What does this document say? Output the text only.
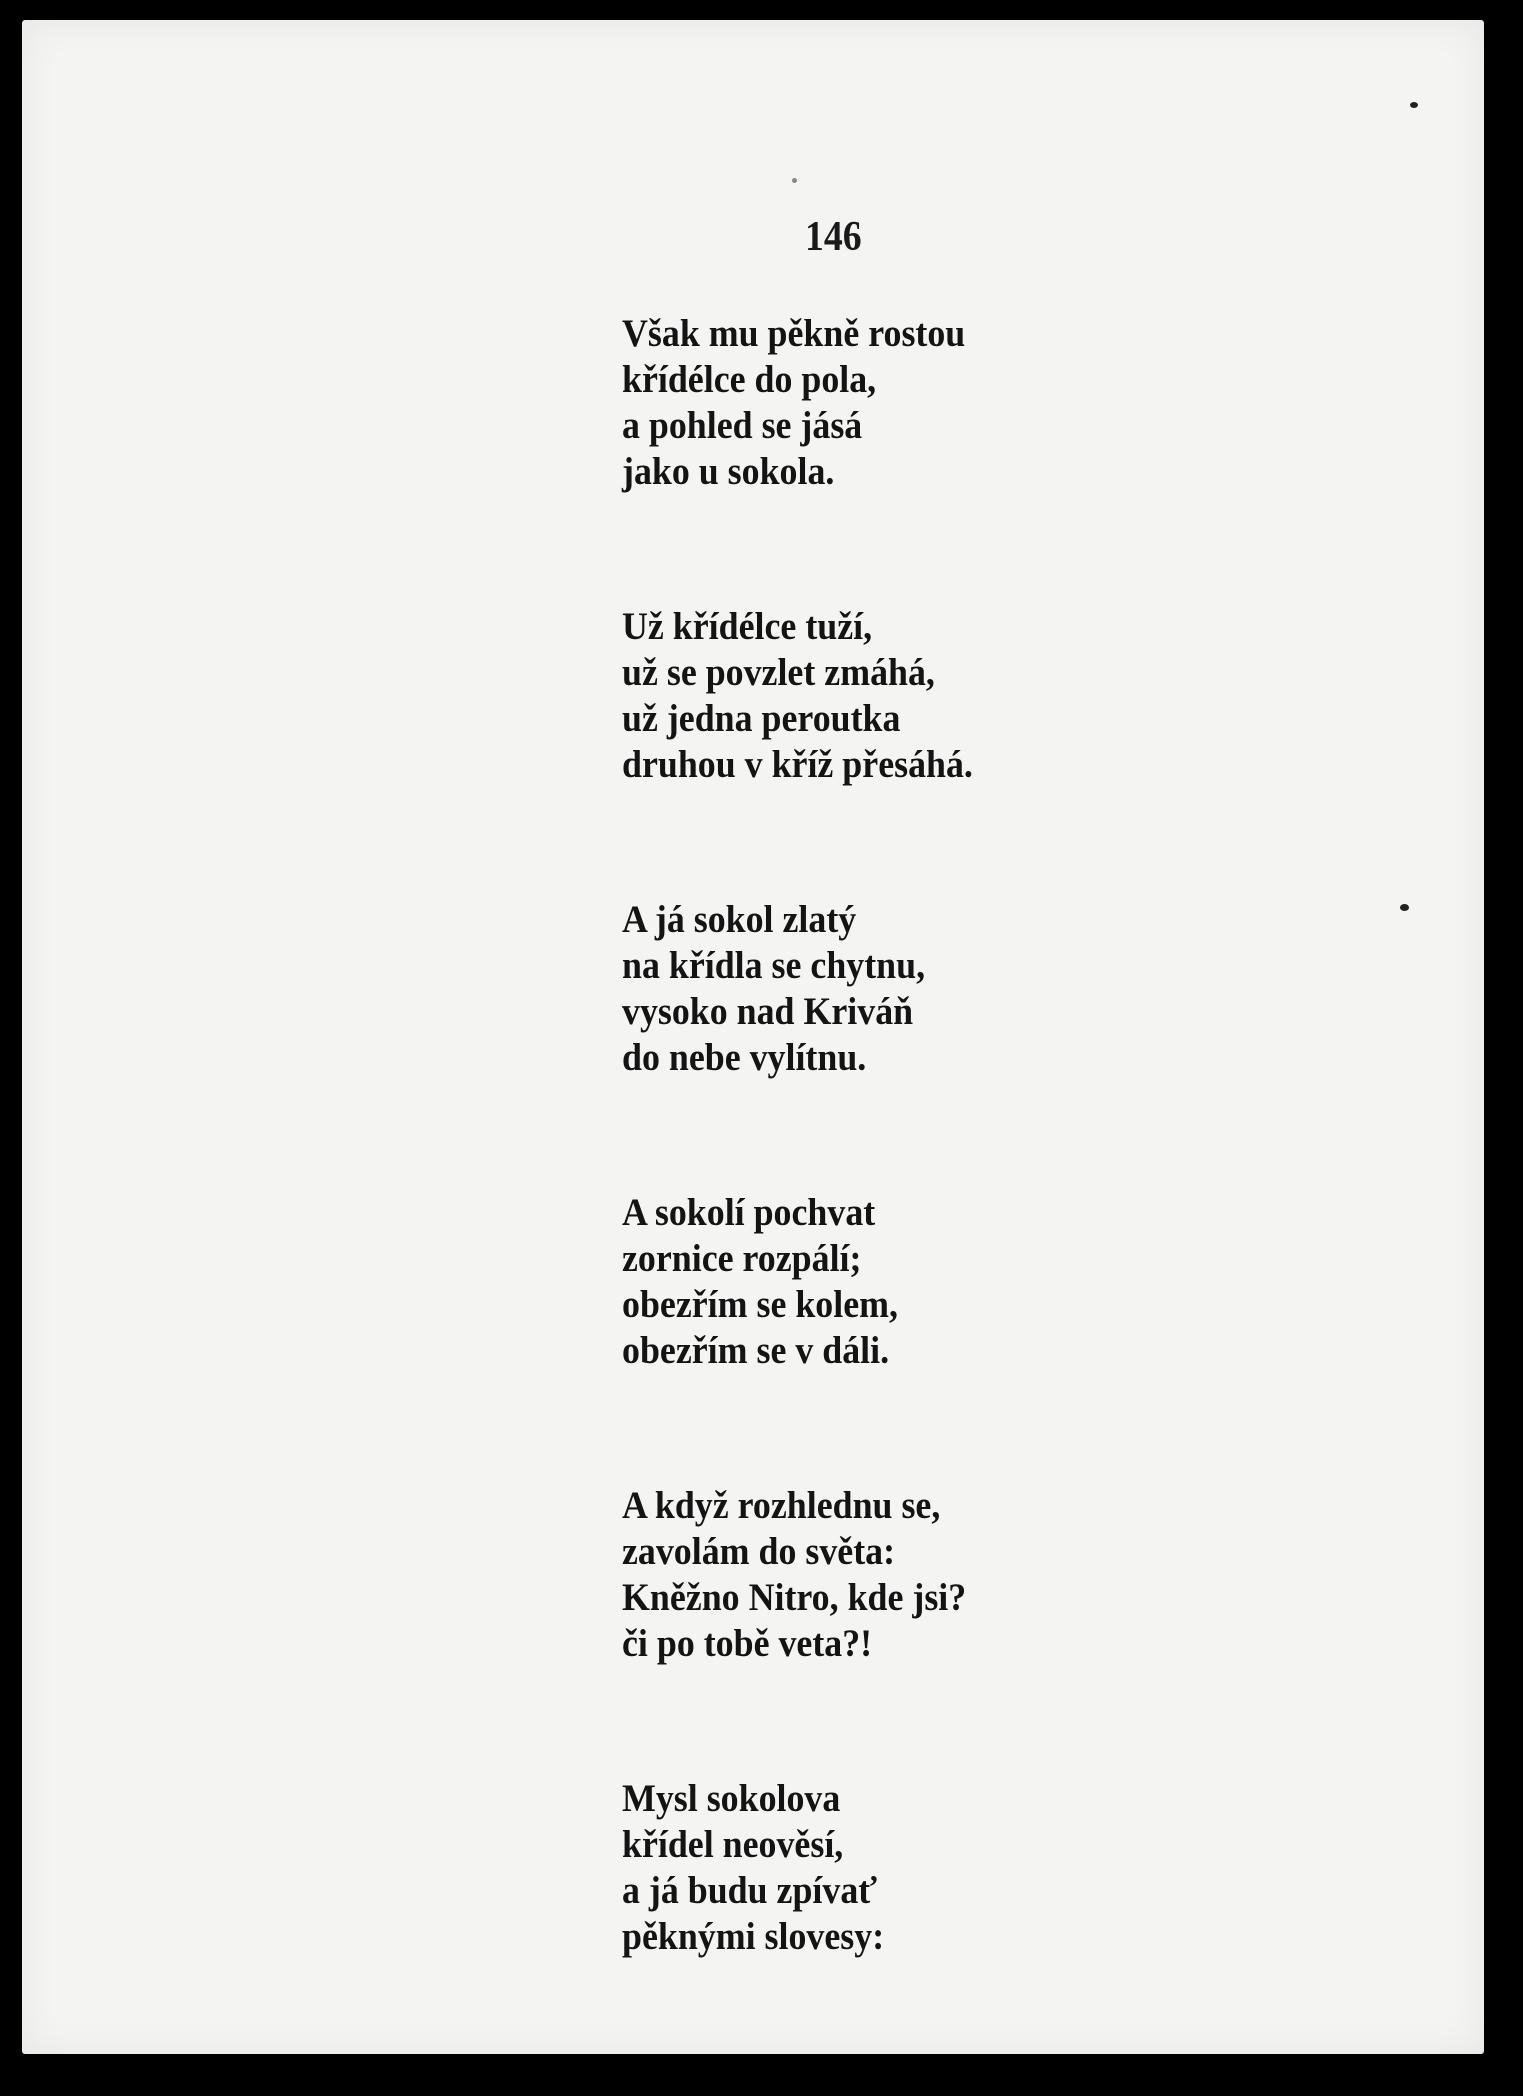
146
Však mu pěkně rostou
křídélce do pola,
a pohled se jásá
jako u sokola.
Už křídélce tuží,
už se povzlet zmáhá,
už jedna peroutka
druhou v kříž přesáhá.
A já sokol zlatý
na křídla se chytnu,
vysoko nad Kriváň
do nebe vylítnu.
A sokolí pochvat
zornice rozpálí;
obezřím se kolem,
obezřím se v dáli.
A když rozhlednu se,
zavolám do světa:
Kněžno Nitro, kde jsi?
či po tobě veta?!
Mysl sokolova
křídel neověsí,
a já budu zpívať
pěknými slovesy:
